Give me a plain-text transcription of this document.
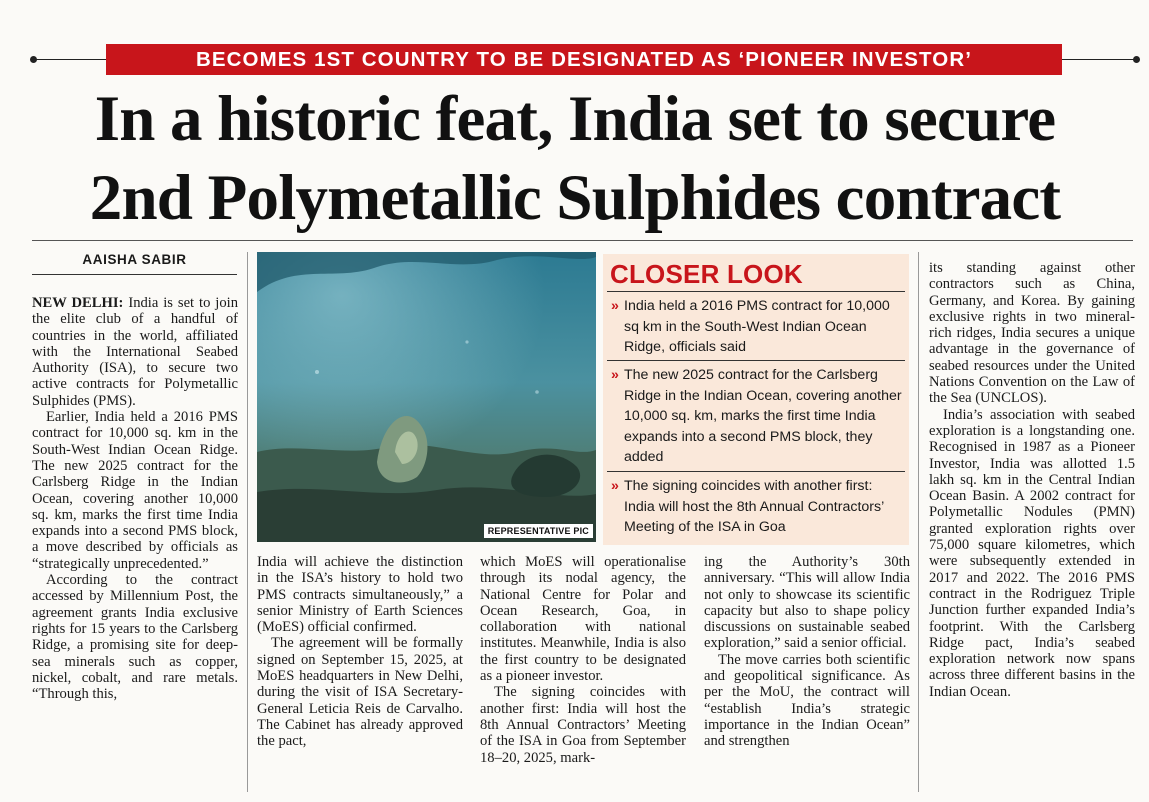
BECOMES 1ST COUNTRY TO BE DESIGNATED AS ‘PIONEER INVESTOR’
In a historic feat, India set to secure
2nd Polymetallic Sulphides contract
AAISHA SABIR

NEW DELHI: India is set to join the elite club of a handful of countries in the world, affiliated with the International Seabed Authority (ISA), to secure two active contracts for Polymetallic Sulphides (PMS).

Earlier, India held a 2016 PMS contract for 10,000 sq. km in the South-West Indian Ocean Ridge. The new 2025 contract for the Carlsberg Ridge in the Indian Ocean, covering another 10,000 sq. km, marks the first time India expands into a second PMS block, a move described by officials as “strategically unprecedented.”

According to the contract accessed by Millennium Post, the agreement grants India exclusive rights for 15 years to the Carlsberg Ridge, a promising site for deep-sea minerals such as copper, nickel, cobalt, and rare metals. “Through this,

REPRESENTATIVE PIC
CLOSER LOOK
» India held a 2016 PMS contract for 10,000 sq km in the South-West Indian Ocean Ridge, officials said
» The new 2025 contract for the Carlsberg Ridge in the Indian Ocean, covering another 10,000 sq. km, marks the first time India expands into a second PMS block, they added
» The signing coincides with another first: India will host the 8th Annual Contractors’ Meeting of the ISA in Goa

India will achieve the distinction in the ISA’s history to hold two PMS contracts simultaneously,” a senior Ministry of Earth Sciences (MoES) official confirmed.

The agreement will be formally signed on September 15, 2025, at MoES headquarters in New Delhi, during the visit of ISA Secretary-General Leticia Reis de Carvalho. The Cabinet has already approved the pact,

which MoES will operationalise through its nodal agency, the National Centre for Polar and Ocean Research, Goa, in collaboration with national institutes. Meanwhile, India is also the first country to be designated as a pioneer investor.

The signing coincides with another first: India will host the 8th Annual Contractors’ Meeting of the ISA in Goa from September 18–20, 2025, mark-

ing the Authority’s 30th anniversary. “This will allow India not only to showcase its scientific capacity but also to shape policy discussions on sustainable seabed exploration,” said a senior official.

The move carries both scientific and geopolitical significance. As per the MoU, the contract will “establish India’s strategic importance in the Indian Ocean” and strengthen

its standing against other contractors such as China, Germany, and Korea. By gaining exclusive rights in two mineral-rich ridges, India secures a unique advantage in the governance of seabed resources under the United Nations Convention on the Law of the Sea (UNCLOS).

India’s association with seabed exploration is a longstanding one. Recognised in 1987 as a Pioneer Investor, India was allotted 1.5 lakh sq. km in the Central Indian Ocean Basin. A 2002 contract for Polymetallic Nodules (PMN) granted exploration rights over 75,000 square kilometres, which were subsequently extended in 2017 and 2022. The 2016 PMS contract in the Rodriguez Triple Junction further expanded India’s footprint. With the Carlsberg Ridge pact, India’s seabed exploration network now spans across three different basins in the Indian Ocean.
